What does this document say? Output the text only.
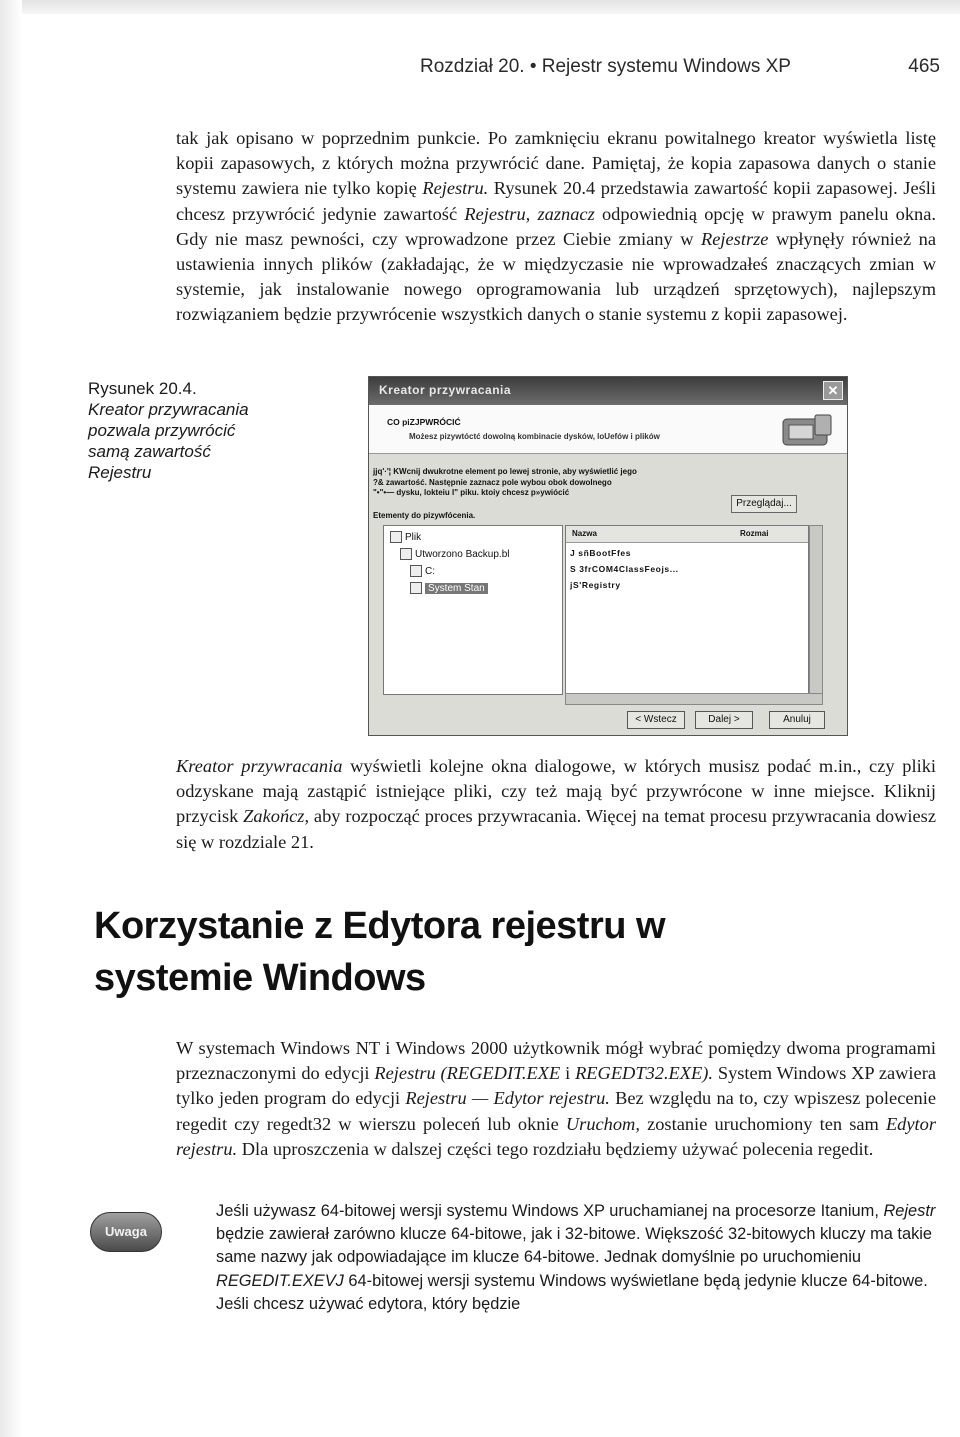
Rozdział 20. • Rejestr systemu Windows XP	465

tak jak opisano w poprzednim punkcie. Po zamknięciu ekranu powitalnego kreator wyświetla listę kopii zapasowych, z których można przywrócić dane. Pamiętaj, że kopia zapasowa danych o stanie systemu zawiera nie tylko kopię Rejestru. Rysunek 20.4 przedstawia zawartość kopii zapasowej. Jeśli chcesz przywrócić jedynie zawartość Rejestru, zaznacz odpowiednią opcję w prawym panelu okna. Gdy nie masz pewności, czy wprowadzone przez Ciebie zmiany w Rejestrze wpłynęły również na ustawienia innych plików (zakładając, że w międzyczasie nie wprowadzałeś znaczących zmian w systemie, jak instalowanie nowego oprogramowania lub urządzeń sprzętowych), najlepszym rozwiązaniem będzie przywrócenie wszystkich danych o stanie systemu z kopii zapasowej.

Rysunek 20.4.
Kreator przywracania pozwala przywrócić samą zawartość Rejestru
Kreator przywracania	✕
CO piZJPWRÓCIĆ
Możesz pizywtóctć dowolną kombinacie dysków, loUefów i plików
jjq'·'¦ KWcnij dwukrotne element po lewej stronie, aby wyświetlić jego
?& zawartość. Następnie zaznacz pole wybou obok dowolnego
"•"•— dysku, lokteiu I" piku. ktoiy chcesz p»ywiócić
Przeglądaj...
Etementy do pizywfócenia.
Plik
Utworzono Backup.bl
C:
System Stan
Nazwa	Rozmai
J sñBootFfes
S 3frCOM4ClassFeojs...
jS'Registry
< Wstecz	Dalej >	Anuluj

Kreator przywracania wyświetli kolejne okna dialogowe, w których musisz podać m.in., czy pliki odzyskane mają zastąpić istniejące pliki, czy też mają być przywrócone w inne miejsce. Kliknij przycisk Zakończ, aby rozpocząć proces przywracania. Więcej na temat procesu przywracania dowiesz się w rozdziale 21.

Korzystanie z Edytora rejestru w systemie Windows

W systemach Windows NT i Windows 2000 użytkownik mógł wybrać pomiędzy dwoma programami przeznaczonymi do edycji Rejestru (REGEDIT.EXE i REGEDT32.EXE). System Windows XP zawiera tylko jeden program do edycji Rejestru — Edytor rejestru. Bez względu na to, czy wpiszesz polecenie regedit czy regedt32 w wierszu poleceń lub oknie Uruchom, zostanie uruchomiony ten sam Edytor rejestru. Dla uproszczenia w dalszej części tego rozdziału będziemy używać polecenia regedit.

Uwaga

Jeśli używasz 64-bitowej wersji systemu Windows XP uruchamianej na procesorze Itanium, Rejestr będzie zawierał zarówno klucze 64-bitowe, jak i 32-bitowe. Większość 32-bitowych kluczy ma takie same nazwy jak odpowiadające im klucze 64-bitowe. Jednak domyślnie po uruchomieniu REGEDIT.EXEVJ 64-bitowej wersji systemu Windows wyświetlane będą jedynie klucze 64-bitowe. Jeśli chcesz używać edytora, który będzie
